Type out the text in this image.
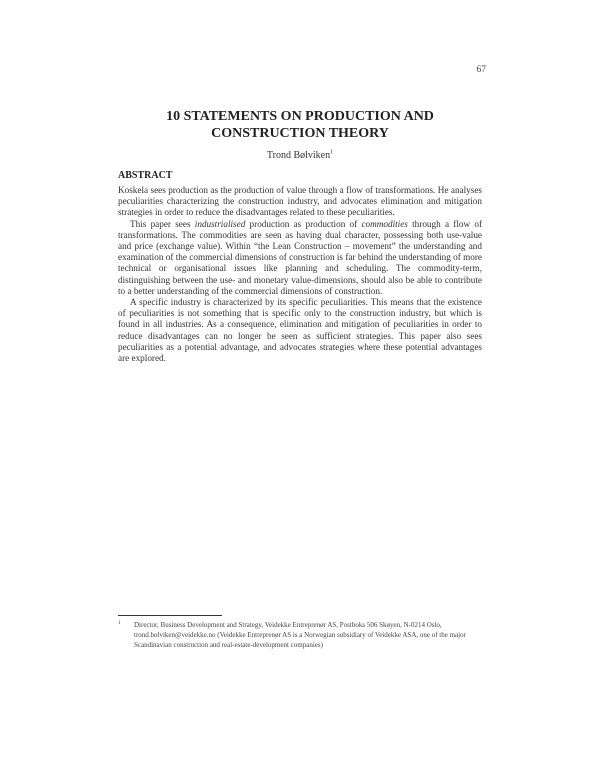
67
10 STATEMENTS ON PRODUCTION AND
CONSTRUCTION THEORY
Trond Bølviken$^1$
ABSTRACT

Koskela sees production as the production of value through a flow of transformations. He analyses peculiarities characterizing the construction industry, and advocates elimination and mitigation strategies in order to reduce the disadvantages related to these peculiarities.

This paper sees industrialised production as production of commodities through a flow of transformations. The commodities are seen as having dual character, possessing both use-value and price (exchange value). Within “the Lean Construction – movement” the understanding and examination of the commercial dimensions of construction is far behind the understanding of more technical or organisational issues like planning and scheduling. The commodity-term, distinguishing between the use- and monetary value-dimensions, should also be able to contribute to a better understanding of the commercial dimensions of construction.

A specific industry is characterized by its specific peculiarities. This means that the existence of peculiarities is not something that is specific only to the construction industry, but which is found in all industries. As a consequence, elimination and mitigation of peculiarities in order to reduce disadvantages can no longer be seen as sufficient strategies. This paper also sees peculiarities as a potential advantage, and advocates strategies where these potential advantages are explored.

1 Director, Business Development and Strategy, Veidekke Entreprenør AS, Postboks 506 Skøyen, N-0214 Oslo, trond.bolviken@veidekke.no (Veidekke Entreprenør AS is a Norwegian subsidiary of Veidekke ASA, one of the major Scandinavian construction and real-estate-development companies)
